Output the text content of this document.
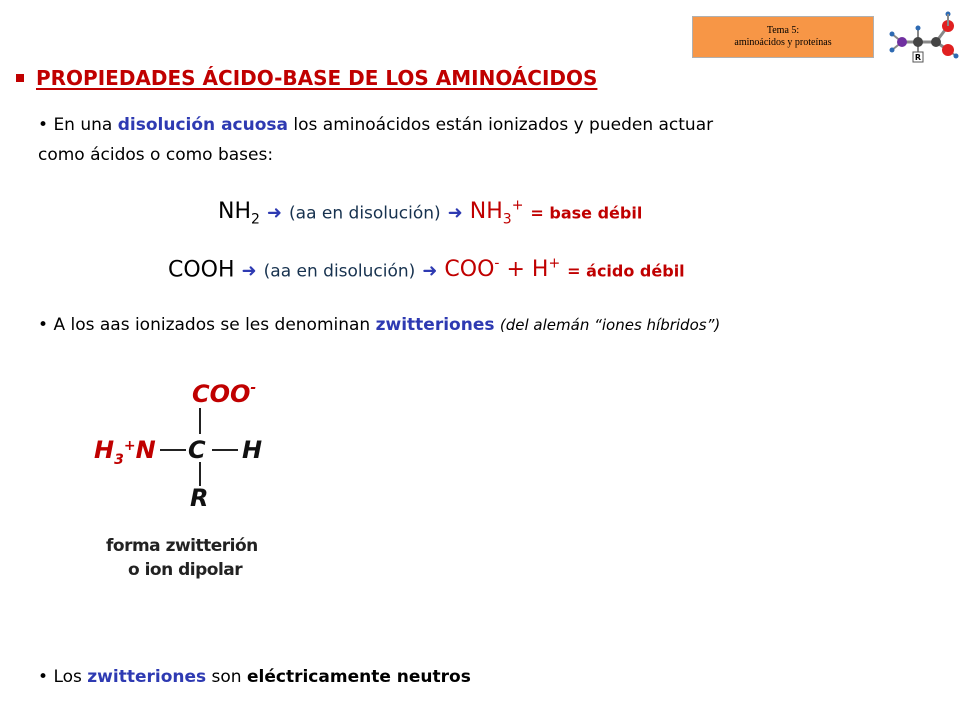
Tema 5:
aminoácidos y proteínas
R
PROPIEDADES ÁCIDO-BASE DE LOS AMINOÁCIDOS
• En una disolución acuosa los aminoácidos están ionizados y pueden actuar
como ácidos o como bases:
$NH_2$ ➜ (aa en disolución) ➜ $NH_3^+$ = base débil
COOH ➜ (aa en disolución) ➜ COO- + H+ = ácido débil
• A los aas ionizados se les denominan zwitteriones (del alemán “iones híbridos”)
COO-
$H_3^+N$ C H
R
forma zwitterión
o ion dipolar
• Los zwitteriones son eléctricamente neutros
